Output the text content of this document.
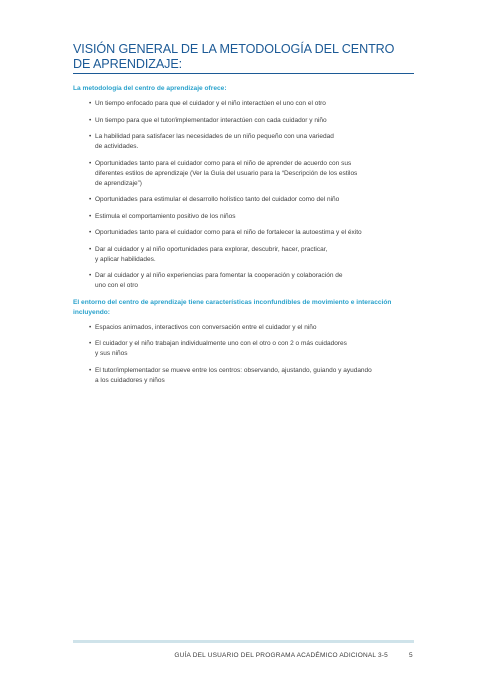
VISIÓN GENERAL DE LA METODOLOGÍA DEL CENTRO DE APRENDIZAJE:
La metodología del centro de aprendizaje ofrece:
• Un tiempo enfocado para que el cuidador y el niño interactúen el uno con el otro
• Un tiempo para que el tutor/implementador interactúen con cada cuidador y niño
• La habilidad para satisfacer las necesidades de un niño pequeño con una variedad
de actividades.
• Oportunidades tanto para el cuidador como para el niño de aprender de acuerdo con sus
diferentes estilos de aprendizaje (Ver la Guía del usuario para la “Descripción de los estilos
de aprendizaje”)
• Oportunidades para estimular el desarrollo holístico tanto del cuidador como del niño
• Estimula el comportamiento positivo de los niños
• Oportunidades tanto para el cuidador como para el niño de fortalecer la autoestima y el éxito
• Dar al cuidador y al niño oportunidades para explorar, descubrir, hacer, practicar,
y aplicar habilidades.
• Dar al cuidador y al niño experiencias para fomentar la cooperación y colaboración de
uno con el otro
El entorno del centro de aprendizaje tiene características inconfundibles de movimiento e interacción incluyendo:
• Espacios animados, interactivos con conversación entre el cuidador y el niño
• El cuidador y el niño trabajan individualmente uno con el otro o con 2 o más cuidadores
y sus niños
• El tutor/implementador se mueve entre los centros: observando, ajustando, guiando y ayudando
a los cuidadores y niños
GUÍA DEL USUARIO DEL PROGRAMA ACADÉMICO ADICIONAL 3-5	5
